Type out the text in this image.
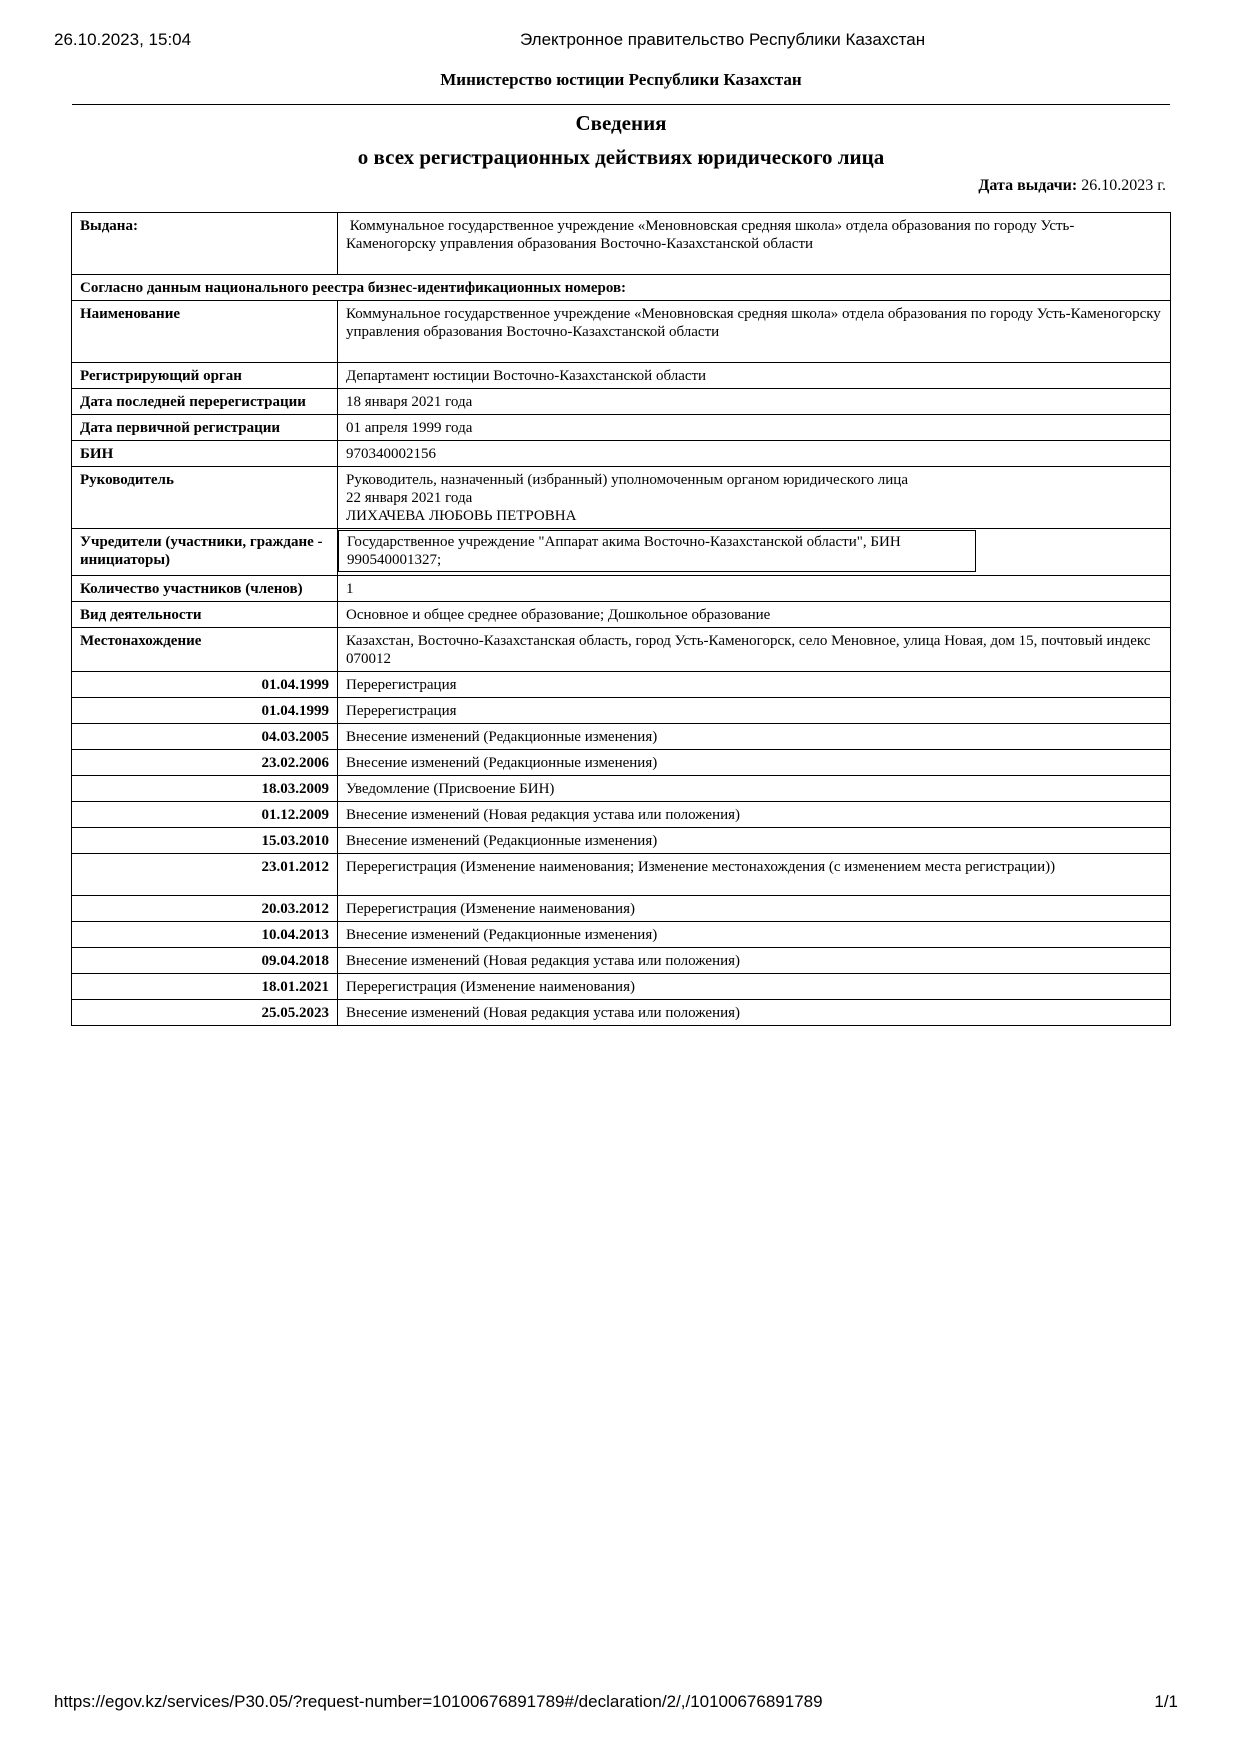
26.10.2023, 15:04	Электронное правительство Республики Казахстан
Министерство юстиции Республики Казахстан
Сведения
о всех регистрационных действиях юридического лица
Дата выдачи: 26.10.2023 г.
Выдана:	Коммунальное государственное учреждение «Меновновская средняя школа» отдела образования по городу Усть-Каменогорску управления образования Восточно-Казахстанской области
Согласно данным национального реестра бизнес-идентификационных номеров:	
Наименование	Коммунальное государственное учреждение «Меновновская средняя школа» отдела образования по городу Усть-Каменогорску управления образования Восточно-Казахстанской области
Регистрирующий орган	Департамент юстиции Восточно-Казахстанской области
Дата последней перерегистрации	18 января 2021 года
Дата первичной регистрации	01 апреля 1999 года
БИН	970340002156
Руководитель	Руководитель, назначенный (избранный) уполномоченным органом юридического лица
22 января 2021 года
ЛИХАЧЕВА ЛЮБОВЬ ПЕТРОВНА

Учредители (участники, граждане - инициаторы)	Государственное учреждение "Аппарат акима Восточно-Казахстанской области", БИН 990540001327;

Количество участников (членов)	1
Вид деятельности	Основное и общее среднее образование; Дошкольное образование
Местонахождение	Казахстан, Восточно-Казахстанская область, город Усть-Каменогорск, село Меновное, улица Новая, дом 15, почтовый индекс 070012
01.04.1999	Перерегистрация
01.04.1999	Перерегистрация
04.03.2005	Внесение изменений (Редакционные изменения)
23.02.2006	Внесение изменений (Редакционные изменения)
18.03.2009	Уведомление (Присвоение БИН)
01.12.2009	Внесение изменений (Новая редакция устава или положения)
15.03.2010	Внесение изменений (Редакционные изменения)
23.01.2012	Перерегистрация (Изменение наименования; Изменение местонахождения (с изменением места регистрации))
20.03.2012	Перерегистрация (Изменение наименования)
10.04.2013	Внесение изменений (Редакционные изменения)
09.04.2018	Внесение изменений (Новая редакция устава или положения)
18.01.2021	Перерегистрация (Изменение наименования)
25.05.2023	Внесение изменений (Новая редакция устава или положения)
https://egov.kz/services/P30.05/?request-number=10100676891789#/declaration/2/,/10100676891789	1/1
